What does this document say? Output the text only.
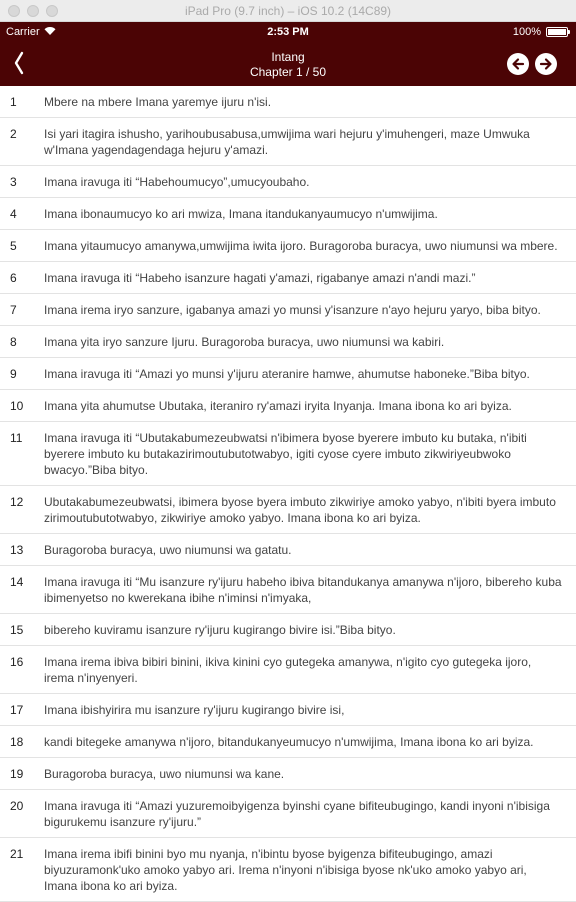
iPad Pro (9.7 inch) – iOS 10.2 (14C89)
Carrier	2:53 PM	100%
Intang
Chapter 1 / 50
1	Mbere na mbere Imana yaremye ijuru n'isi.
2	Isi yari itagira ishusho, yarihoubusabusa,umwijima wari hejuru y'imuhengeri, maze Umwuka w'Imana yagendagendaga hejuru y'amazi.
3	Imana iravuga iti “Habehoumucyo”,umucyoubaho.
4	Imana ibonaumucyo ko ari mwiza, Imana itandukanyaumucyo n'umwijima.
5	Imana yitaumucyo amanywa,umwijima iwita ijoro. Buragoroba buracya, uwo niumunsi wa mbere.
6	Imana iravuga iti “Habeho isanzure hagati y'amazi, rigabanye amazi n'andi mazi.”
7	Imana irema iryo sanzure, igabanya amazi yo munsi y'isanzure n'ayo hejuru yaryo, biba bityo.
8	Imana yita iryo sanzure Ijuru. Buragoroba buracya, uwo niumunsi wa kabiri.
9	Imana iravuga iti “Amazi yo munsi y'ijuru ateranire hamwe, ahumutse haboneke.”Biba bityo.
10	Imana yita ahumutse Ubutaka, iteraniro ry'amazi iryita Inyanja. Imana ibona ko ari byiza.
11	Imana iravuga iti “Ubutakabumezeubwatsi n'ibimera byose byerere imbuto ku butaka, n'ibiti byerere imbuto ku butakazirimoutubutotwabyo, igiti cyose cyere imbuto zikwiriyeubwoko bwacyo.”Biba bityo.
12	Ubutakabumezeubwatsi, ibimera byose byera imbuto zikwiriye amoko yabyo, n'ibiti byera imbuto zirimoutubutotwabyo, zikwiriye amoko yabyo. Imana ibona ko ari byiza.
13	Buragoroba buracya, uwo niumunsi wa gatatu.
14	Imana iravuga iti “Mu isanzure ry'ijuru habeho ibiva bitandukanya amanywa n'ijoro, bibereho kuba ibimenyetso no kwerekana ibihe n'iminsi n'imyaka,
15	bibereho kuviramu isanzure ry'ijuru kugirango bivire isi.”Biba bityo.
16	Imana irema ibiva bibiri binini, ikiva kinini cyo gutegeka amanywa, n'igito cyo gutegeka ijoro, irema n'inyenyeri.
17	Imana ibishyirira mu isanzure ry'ijuru kugirango bivire isi,
18	kandi bitegeke amanywa n'ijoro, bitandukanyeumucyo n'umwijima, Imana ibona ko ari byiza.
19	Buragoroba buracya, uwo niumunsi wa kane.
20	Imana iravuga iti “Amazi yuzuremoibyigenza byinshi cyane bifiteubugingo, kandi inyoni n'ibisiga bigurukemu isanzure ry'ijuru.”
21	Imana irema ibifi binini byo mu nyanja, n'ibintu byose byigenza bifiteubugingo, amazi biyuzuramonk'uko amoko yabyo ari. Irema n'inyoni n'ibisiga byose nk'uko amoko yabyo ari, Imana ibona ko ari byiza.
